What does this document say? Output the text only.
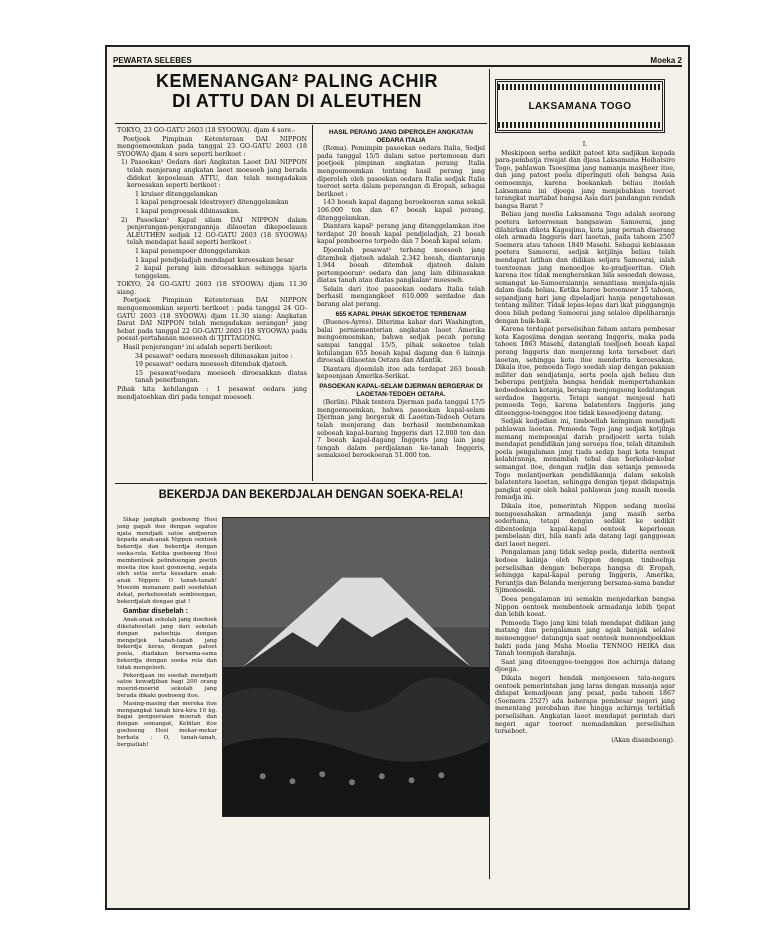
PEWARTA SELEBES	Moeka 2
KEMENANGAN² PALING ACHIR
DI ATTU DAN DI ALEUTHEN

TOKYO, 23 GO-GATU 2603 (18 SYOOWA). djam 4 sore.-

Poetjoek Pimpinan Ketenteraan DAI NIPPON mengoemoemkan pada tanggal 23 GO-GATU 2603 (18 SYOOWA) djam 4 sore seperti berikoet :

1) Pasoekan² Oedara dari Angkatan Laoet DAI NIPPON telah menjerang angkatan laoet moesoeh jang berada didekat kepoelauan ATTU, dan telah mengadakan keroesakan seperti berikoet :

1 kruiser ditenggelamkan

1 kapal pengroesak (destroyer) ditenggelamkan

1 kapal pengroesak dibinasakan.

2) Pasoekan² Kapal silam DAI NIPPON dalam penjerangan-penjerangannja dilaoetan dikepoelauan ALEUTHEN sedjak 12 GO-GATU 2603 (18 SYOOWA) telah mendapat hasil seperti berikoet :

1 kapal penempoer ditenggelamkan

1 kapal pendjeladjah mendapat keroesakan besar

2 kapal perang lain diroesakkan sehingga njaris tenggelam.

TOKYO, 24 GO-GATU 2603 (18 SYOOWA) djam 11.30 siang.

Poetjoek Pimpinan Ketenteraan DAI NIPPON mengoemoemkan seperti berikoet : pada tanggal 24 GO-GATU 2603 (18 SYOOWA) djam 11.30 siang: Angkatan Darat DAI NIPPON telah mengadakan serangan² jang hebat pada tanggal 22 GO-GATU 2603 (18 SYOOWA) pada poesat-pertahanan moesoeh di TJITTAGONG.

Hasil penjerangan² ini adalah seperti berikoet:

34 pesawat² oedara moesoeh dibinasakan jaitoe :

19 pesawat² oedara moesoeh ditembak djatoeh.

15 pesawat²oedara moesoeh diroesakkan diatas tanah penerbangan.

Pihak kita kehilangan : 1 pesawat oedara jang mendjatoehkan diri pada tempat moesoeh

HASIL PERANG JANG DIPEROLEH ANGKATAN OEDARA ITALIA

(Roma). Pemimpin pasoekan oedara Italia, Sedjel pada tanggal 15/5 dalam satoe pertemoean dari poetjoek pimpinan angkatan perang Italia mengoemoemkan tentang hasil perang jang diperoleh oleh pasoekan oedara Italia sedjak Italia toeroet serta dalam peperangan di Eropah, sebagai berikoet :

143 boeah kapal dagang beroekoeran sama sekali 106.000 ton dan 67 boeah kapal perang, ditenggelamkan.

Diantara kapal² perang jang ditenggelamkan itoe terdapat 20 boeah kapal pendjeladjah, 21 boeah kapal pemboeroe torpedo dan 7 boeah kapal selam.

Djoemlah pesawat² terbang moesoeh jang ditembak djatoeh adalah 2.342 boeah, diantaranja 1.944 boeah ditembak djatoeh dalam pertempoeran² oedara dan jang lain dibinasakan diatas tanah atau diatas pangkalan² moesoeh.

Selain dari itoe pasoekan oedara Italia telah berhasil mengangkoet 610.000 serdadoe dan barang alat perang.

655 KAPAL PIHAK SEKOETOE TERBENAM

(Buenos-Ayres). Diterima kabar dari Washington, balai perniementerian angkatan laoet Amerika mengoemoemkan, bahwa sedjak pecah perang sampai tanggal 15/5, pihak sekoetoe telah kehilangan 655 boeah kapal dagang dan 6 lainnja diroesak dilaoetan Oetara dan Atlantik.

Diantara djoemlah itoe ada terdapat 263 boeah kepoenjaan Amerika-Serikat.

PASOEKAN KAPAL-SELAM DJERMAN BERGERAK DI LAOETAN-TEDOEH OETARA.

(Berlin). Pihak tentera Djerman pada tanggal 17/5 mengoemoemkan, bahwa pasoekan kapal-selam Djerman jang bergerak di Laoetan-Tedoeh Oetara telah menjerang dan berhasil membenamkan seboeah kapal-barang Inggeris dari 12.000 ton dan 7 boeah kapal-dagang Inggeris jang lain jang tengah dalam perdjalanan ke-tanah Inggeris, semaksoel beroekoeran 51.000 ton.

LAKSAMANA TOGO

I.

Meskipoen serba sedikit patoet kita sadjikan kepada para-pembatja riwajat dan djasa Laksamana Heihatsiro Togo, pahlawan Tsoesjima jang namanja masjhoer itoe, dan jang patoet poela diperingati oleh bangsa Asia oemoemnja, karena boekankah beliau itoelah Laksamana ini djoega jang menjebabkan toeroet terangkat martabat bangsa Asia dari pandangan rendah bangsa Barat ?

Beliau jang moelia Laksamana Togo adalah seorang poetera ketoeroenan bangsawan Samoerai, jang dilahirkan dikota Kagosjima, kota jang pernah diserang oleh armada Inggeris dari laoetan, pada tahoen 2507 Soemera atau tahoen 1849 Masehi. Sebagai kebiasaan poetera Samoerai, sedjak ketjilnja beliau telah mendapat latihan dan didikan seljara Samoerai, ialah toentoenan jang menoedjoe ke-pradjoeritan. Oleh karena itoe tidak mengherankan bila sesoedah dewasa, semangat ke-Samoeraiannja senantiasa menjala-njala dalam dada beliau. Ketika baroe beroemoer 15 tahoen, sepandjang hari jang dipeladjari hanja pengetahoean tentang militer. Tidak lepas-lepas dari ikat pinggangnja doea bilah pedang Samoerai jang selaloe dipeliharanja dengan baik-baik.

Karena terdapat perselisihan faham antara pembesar kota Kagosjima dengan seorang Inggeris, maka pada tahoen 1863 Masehi, datanglah toedjoeh boeah kapal perang Inggeris dan menjerang kota terseboet dari laoetan, sehingga kota itoe menderita keroesakan. Dikala itoe, pemoeda Togo soedah siap dengan pakaian militer dan sendjatanja, serta poela ajah beliau dan beberapa pentjinta bangsa hendak mempertahankan kedoedoekan kotanja, bersiap menjongsong kedatangan serdadoe Inggeris. Tetapi sangat menjesal hati pemoeda Togo, karena balatentera Inggeris jang ditoenggoe-toenggoe itoe tidak kesoedjoeng datang.

Sedjak kedjadian ini, timboellah keinginan mendjadi pahlawan laoetan. Pemoeda Togo jang sedjak ketjilnja memang mempoenjai darah pradjoerit serta telah mendapat pendidikan jang seroepa itoe, telah ditambah poela pengalaman jang tiada sedap bagi kota tempat kelahirannja, menambah tebal dan berkobar-kobar semangat itoe, dengan radjin dan setianja pemoeda Togo melantjoerkan pendidikannja dalam sekolah balatentera laoetan, sehingga dengan tjepat didapatnja pangkat opsir oleh bakal pahlawan jang masih moeda remadja ini.

Dikala itoe, pemerintah Nippon sedang moelai mengoesahakan armadanja jang masih serba sederhana, tetapi dengan sedikit ke sedikit dibentoeknja kapal-kapal oentoek keperloean pembelaan diri, bila nanti ada datang lagi ganggoean dari laoet negeri.

Pengalaman jang tidak sedap poela, diderita oentoek kedoea kalinja oleh Nippon dengan timboelnja perselisihan dengan beberapa bangsa di Eropah, sehingga kapal-kapal perang Inggeris, Amerika, Perantjis dan Belanda menjerang bersama-sama bandar Sjimonoseki.

Doea pengalaman ini semakin menjedarkan bangsa Nippon oentoek membentoek armadanja lebih tjepat dan lebih koeat.

Pemoeda Togo jang kini telah mendapat didikan jang matang dan pengalaman jang agak banjak selaloe menoenggoe² datangnja saat oentoek menoendjoekkan bakti pada jang Maha Moelia TENNOO HEIKA dan Tanah toempah darahnja.

Saat jang ditoenggoe-toenggoe itoe achirnja datang djoega.

Dikala negeri hendak menjoesoen tata-negara oentoek pemerintahan jang laras dengan masanja agar didapat kemadjoean jang pesat, pada tahoen 1867 (Soemera 2527) ada beberapa pembesar negeri jang menentang perobahan itoe hingga achirnja terbitlah perselisihan. Angkatan laoet mendapat perintah dari negeri agar toeroet memadamkan perselisihan terseboet.

(Akan disamboeng).

BEKERDJA DAN BEKERDJALAH DENGAN SOEKA-RELA!

Sikap jangkah goeboeng Hosi jang gagah itoe dengan sepatoe njata mendjadi satoe andjoeran kepada anak-anak Nippon oentoek bekerdja dan bekerdja dengan soeka-rela. Ketika goeboeng Hosi membentoek pelindoengan poetih moelia itoe kuat gosnoeng, segala oleh setia serta kesadarn anak-anak Nippon: O tanah-tanah! Moesim menanam padi soedahlah dekat, perkeboenlah semboengan, bekerdjalah dengan giat !

Gambar disebelah :

Anak-anak sekolah jang doedoek diketahoeilah jang dari sekolah dengan patoetnja dengan mengetjek tanah-tanah jang bekerdja keras, dengan patoet poela, diadakan bersama-sama bekerdja dengan soeka rela dan tidak mengeloeh.

Pekerdjaan ini soedah mendjadi satoe kewadjiban bagi 200 orang moerid-moerid sekolah jang berada dikaki goeboeng itoe.

Masing-masing dan mereka itoe mengangkat tanah kira-kira 10 kg. bagai pengoeraian moerah dan dengan semangat, Kebilan itoe goeboeng Hosi mekar-mekar berkata : O, tanah-tanah, bergiatlah!
